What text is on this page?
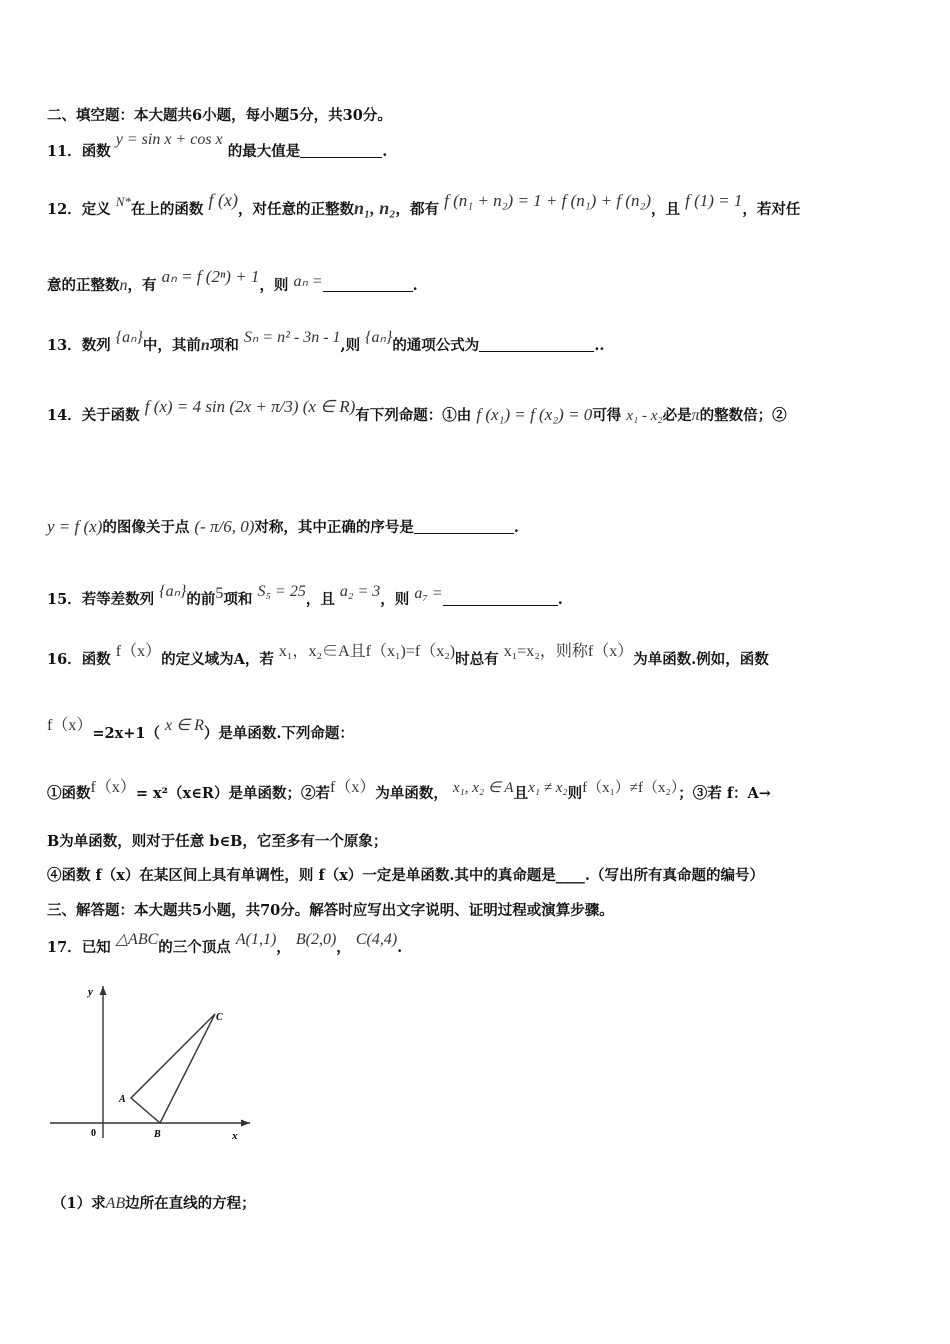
二、填空题：本大题共6小题，每小题5分，共30分。
11．函数 y = sin x + cos x 的最大值是	.
12．定义 N*在上的函数 f (x)，对任意的正整数n₁, n₂，都有 f (n₁ + n₂) = 1 + f (n₁) + f (n₂)，且 f (1) = 1，若对任
意的正整数n，有 aₙ = f (2ⁿ) + 1，则 aₙ =	.
13．数列 {aₙ}中，其前n项和 Sₙ = n² - 3n - 1,则 {aₙ}的通项公式为	..
14．关于函数 f (x) = 4 sin (2x + π/3) (x ∈ R)有下列命题：①由 f (x₁) = f (x₂) = 0可得 x₁ - x₂必是π的整数倍；②
y = f (x)的图像关于点 (- π/6, 0)对称，其中正确的序号是	.
15．若等差数列 {aₙ}的前5项和 S₅ = 25，且 a₂ = 3，则 a₇ =	.
16．函数 f（x）的定义域为A，若 x₁，x₂∈A且f（x₁)=f（x₂)时总有 x₁=x₂，则称f（x）为单函数.例如，函数
f（x）=2x+1（ x ∈ R）是单函数.下列命题：
①函数f（x）= x²（x∈R）是单函数；②若f（x）为单函数， x₁, x₂ ∈ A且x₁ ≠ x₂则f（x₁）≠f（x₂）；③若 f：A→
B为单函数，则对于任意 b∈B，它至多有一个原象；
④函数 f（x）在某区间上具有单调性，则 f（x）一定是单函数.其中的真命题是____.（写出所有真命题的编号）
三、解答题：本大题共5小题，共70分。解答时应写出文字说明、证明过程或演算步骤。
17．已知 △ABC的三个顶点 A(1,1)， B(2,0)， C(4,4).
y
x
0
A
B
C
（1）求AB边所在直线的方程；
